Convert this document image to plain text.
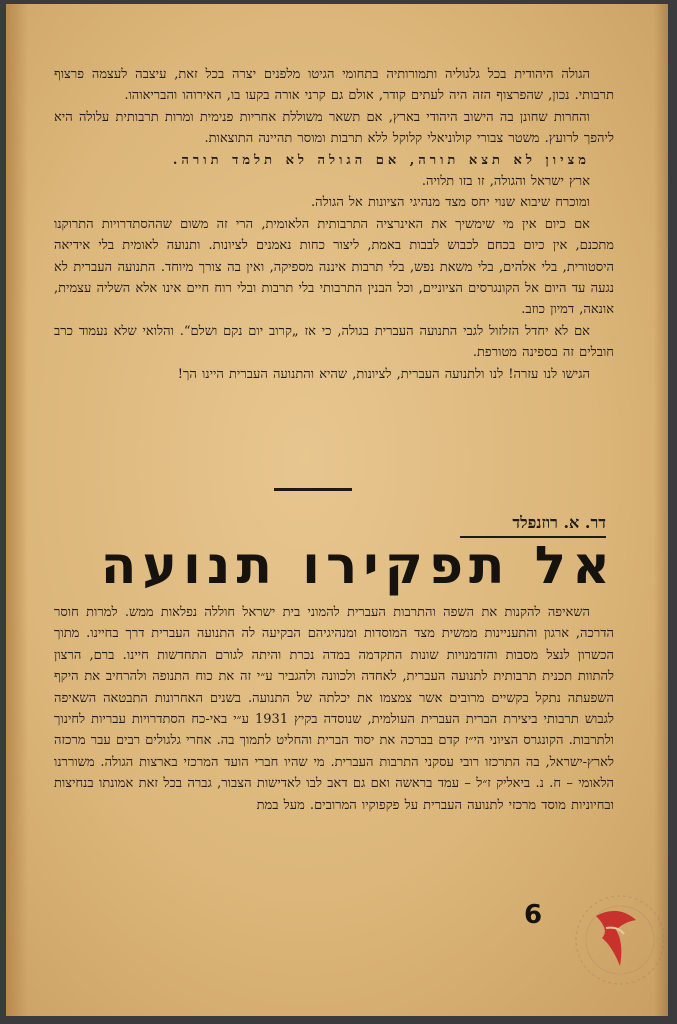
הגולה היהודית בכל גלגוליה ותמורותיה בתחומי הגיטו מלפנים יצרה בכל זאת, עיצבה לעצמה פרצוף תרבותי. נכון, שהפרצוף הזה היה לעתים קודר, אולם גם קרני אורה בקעו בו, האירוהו והבריאוהו.

והחרות שחונן בה הישוב היהודי בארץ, אם תשאר משוללת אחריות פנימית ומרות תרבותית עלולה היא ליהפך לרועץ. משטר צבורי קולוניאלי קלוקל ללא תרבות ומוסר תהיינה התוצאות.

מציון לא תצא תורה, אם הגולה לא תלמד תורה.

ארץ ישראל והגולה, זו בזו תלויה.

ומוכרח שיבוא שנוי יחס מצד מנהיגי הציונות אל הגולה.

אם כיום אין מי שימשיך את האינרציה התרבותית הלאומית, הרי זה משום שההסתדרויות התרוקנו מתכנם, אין כיום בכחם לכבוש לבבות באמת, ליצור כחות נאמנים לציונות. ותנועה לאומית בלי אידיאה היסטורית, בלי אלהים, בלי משאת נפש, בלי תרבות איננה מספיקה, ואין בה צורך מיוחד. התנועה העברית לא נגעה עד היום אל הקונגרסים הציוניים, וכל הבנין התרבותי בלי תרבות ובלי רוח חיים אינו אלא השליה עצמית, אונאה, דמיון כוזב.

אם לא יחדל הזלזול לגבי התנועה העברית בגולה, כי אז „קרוב יום נקם ושלם“. והלואי שלא נעמוד כרב חובלים זה בספינה מטורפת.

הגישו לנו עזרה! לנו ולתנועה העברית, לציונות, שהיא והתנועה העברית היינו הך!

דר. א. רוזנפלד
אל תפקירו תנועה

השאיפה להקנות את השפה והתרבות העברית להמוני בית ישראל חוללה נפלאות ממש. למרות חוסר הדרכה, ארגון והתעניינות ממשית מצד המוסדות ומנהיגיהם הבקיעה לה התנועה העברית דרך בחיינו. מתוך הכשרון לנצל מסבות והזדמנויות שונות התקדמה במדה נכרת והיתה לגורם התחדשות חיינו. ברם, הרצון להתוות תכנית תרבותית לתנועה העברית, לאחדה ולכוונה ולהגביר ע״י זה את כוח התנופה ולהרחיב את היקף השפעתה נתקל בקשיים מרובים אשר צמצמו את יכלתה של התנועה. בשנים האחרונות התבטאה השאיפה לגבוש תרבותי ביצירת הברית העברית העולמית, שנוסדה בקיץ 1931 ע״י באי-כח הסתדרויות עבריות לחינוך ולתרבות. הקונגרס הציוני הי״ז קדם בברכה את יסוד הברית והחליט לתמוך בה. אחרי גלגולים רבים עבר מרכזה לארץ-ישראל, בה התרכזו רובי עסקני התרבות העברית. מי שהיו חברי הועד המרכזי בארצות הגולה. משוררנו הלאומי – ח. נ. ביאליק ז״ל – עמד בראשה ואם גם דאב לבו לאדישות הצבור, גברה בכל זאת אמונתו בנחיצות ובחיוניות מוסד מרכזי לתנועה העברית על פקפוקיו המרובים. מעל במת

6
